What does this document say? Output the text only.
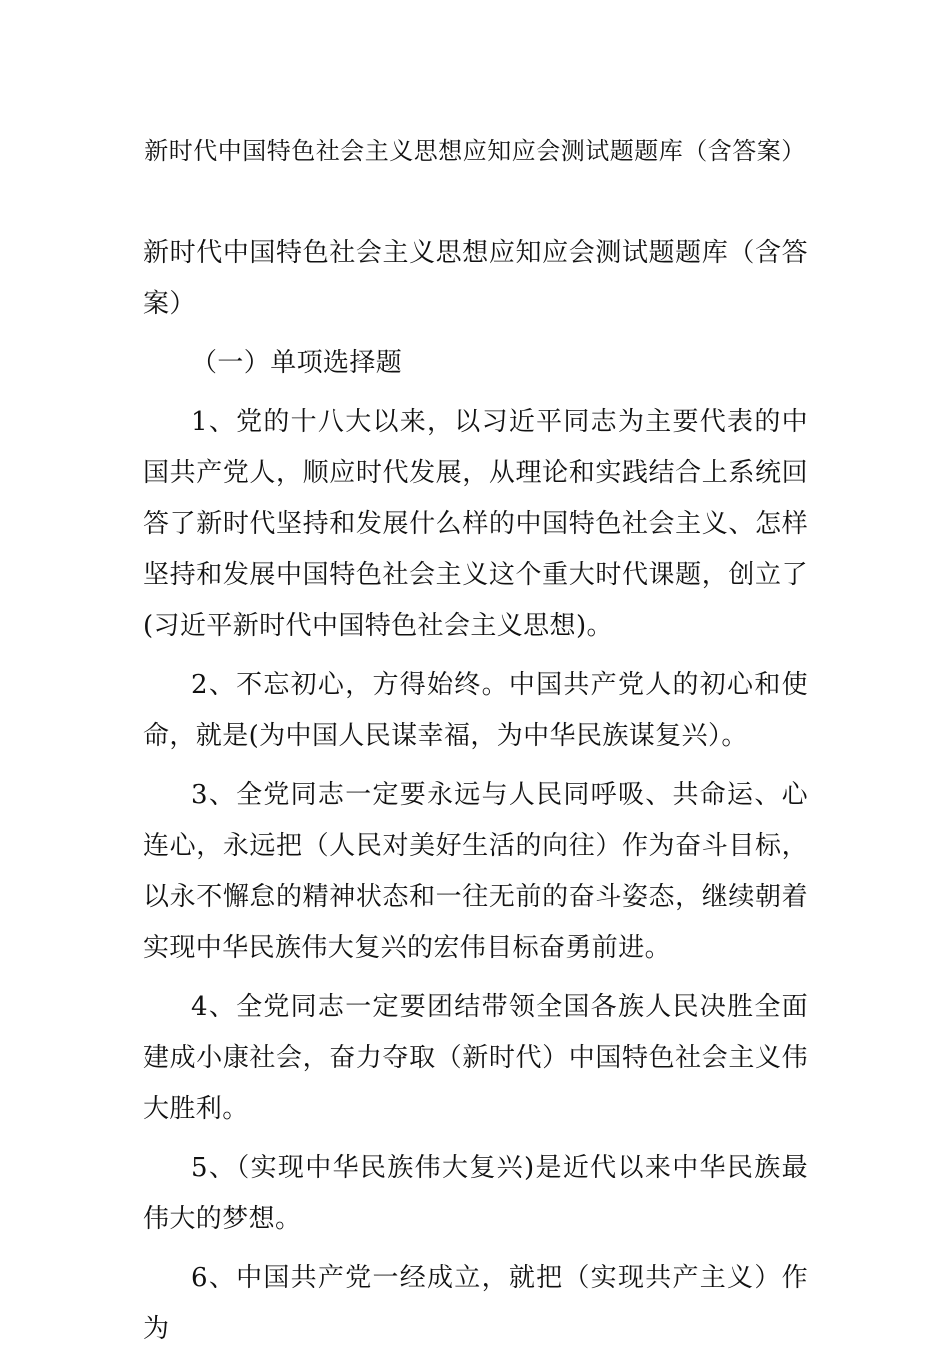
新时代中国特色社会主义思想应知应会测试题题库（含答案）

新时代中国特色社会主义思想应知应会测试题题库（含答案）

（一）单项选择题

1、党的十八大以来，以习近平同志为主要代表的中国共产党人，顺应时代发展，从理论和实践结合上系统回答了新时代坚持和发展什么样的中国特色社会主义、怎样坚持和发展中国特色社会主义这个重大时代课题，创立了(习近平新时代中国特色社会主义思想)。

2、不忘初心，方得始终。中国共产党人的初心和使命，就是(为中国人民谋幸福，为中华民族谋复兴）。

3、全党同志一定要永远与人民同呼吸、共命运、心连心，永远把（人民对美好生活的向往）作为奋斗目标，以永不懈怠的精神状态和一往无前的奋斗姿态，继续朝着实现中华民族伟大复兴的宏伟目标奋勇前进。

4、全党同志一定要团结带领全国各族人民决胜全面建成小康社会，奋力夺取（新时代）中国特色社会主义伟大胜利。

5、（实现中华民族伟大复兴)是近代以来中华民族最伟大的梦想。

6、中国共产党一经成立，就把（实现共产主义）作为
